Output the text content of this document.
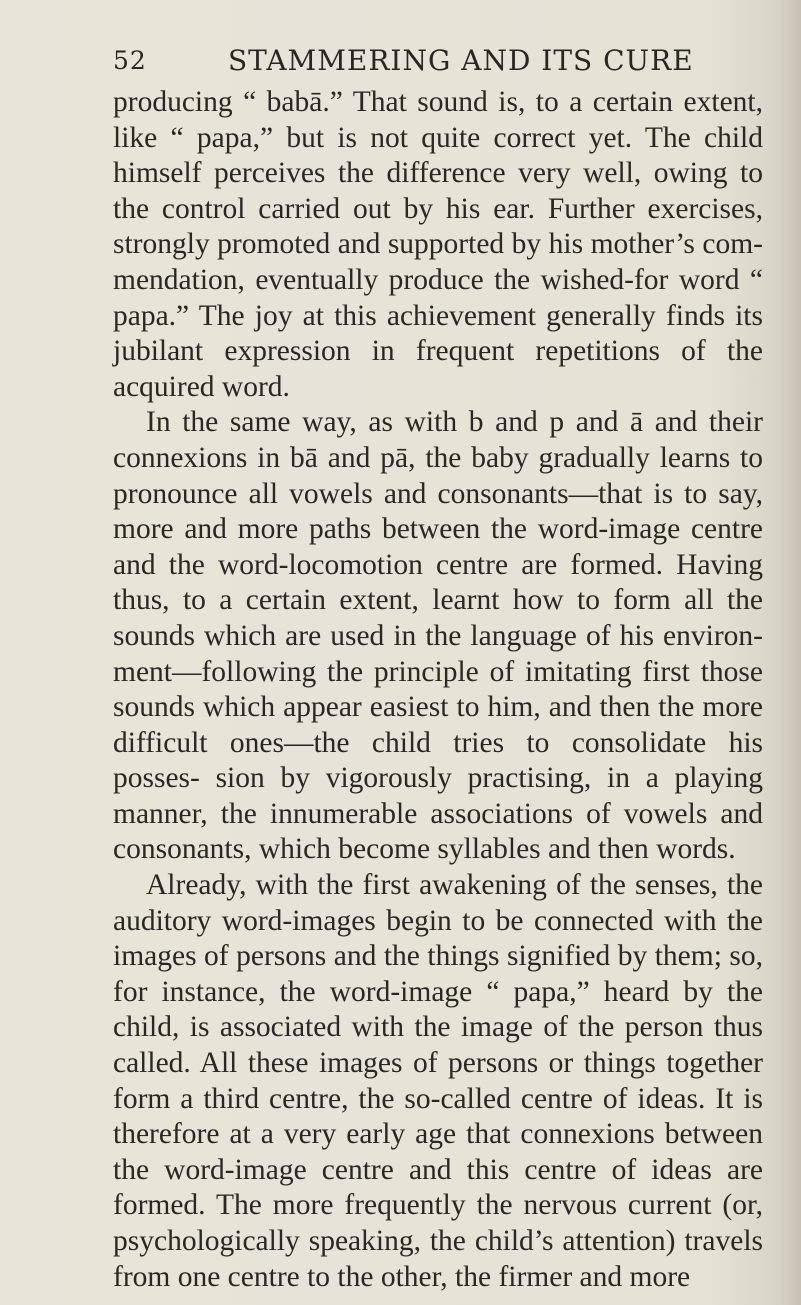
52	STAMMERING AND ITS CURE

producing “ babā.” That sound is, to a certain extent, like “ papa,” but is not quite correct yet. The child himself perceives the difference very well, owing to the control carried out by his ear. Further exercises, strongly promoted and supported by his mother’s com- mendation, eventually produce the wished-for word “ papa.” The joy at this achievement generally finds its jubilant expression in frequent repetitions of the acquired word.

In the same way, as with b and p and ā and their connexions in bā and pā, the baby gradually learns to pronounce all vowels and consonants—that is to say, more and more paths between the word-image centre and the word-locomotion centre are formed. Having thus, to a certain extent, learnt how to form all the sounds which are used in the language of his environ- ment—following the principle of imitating first those sounds which appear easiest to him, and then the more difficult ones—the child tries to consolidate his posses- sion by vigorously practising, in a playing manner, the innumerable associations of vowels and consonants, which become syllables and then words.

Already, with the first awakening of the senses, the auditory word-images begin to be connected with the images of persons and the things signified by them; so, for instance, the word-image “ papa,” heard by the child, is associated with the image of the person thus called. All these images of persons or things together form a third centre, the so-called centre of ideas. It is therefore at a very early age that connexions between the word-image centre and this centre of ideas are formed. The more frequently the nervous current (or, psychologically speaking, the child’s attention) travels from one centre to the other, the firmer and more
